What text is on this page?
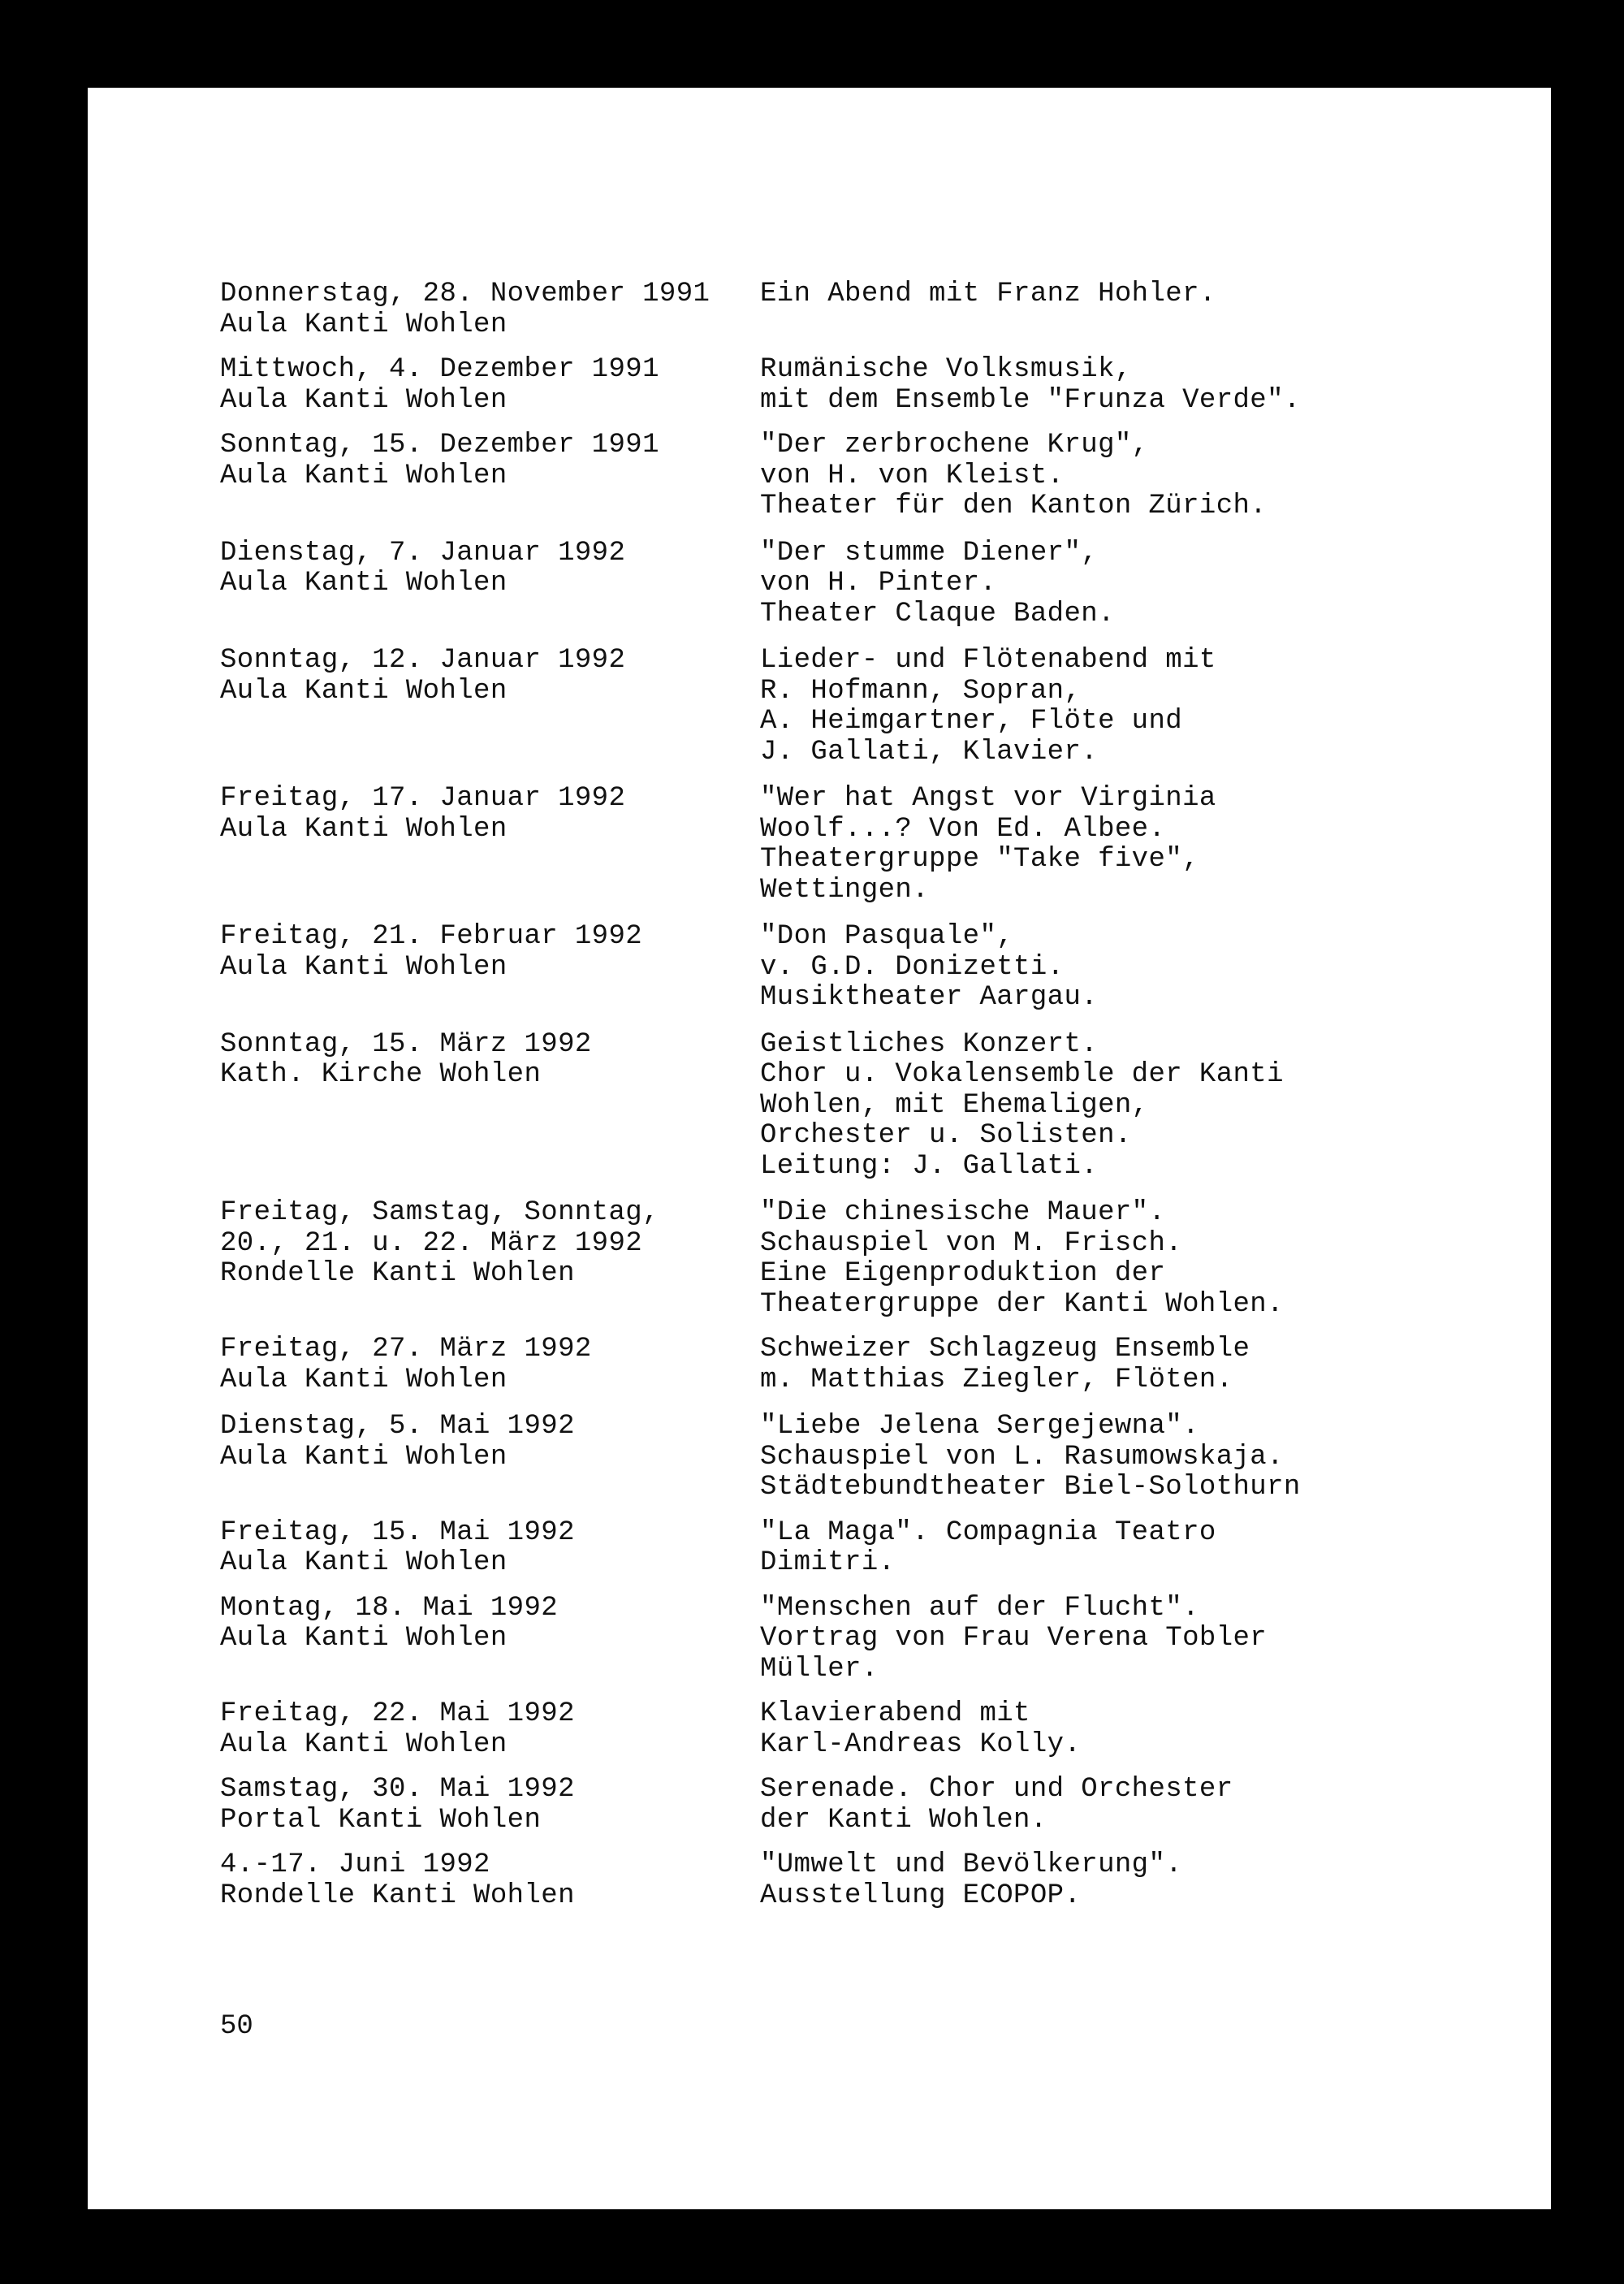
Donnerstag, 28. November 1991
Aula Kanti Wohlen
Ein Abend mit Franz Hohler.
Mittwoch, 4. Dezember 1991
Aula Kanti Wohlen
Rumänische Volksmusik,
mit dem Ensemble "Frunza Verde".
Sonntag, 15. Dezember 1991
Aula Kanti Wohlen
"Der zerbrochene Krug",
von H. von Kleist.
Theater für den Kanton Zürich.
Dienstag, 7. Januar 1992
Aula Kanti Wohlen
"Der stumme Diener",
von H. Pinter.
Theater Claque Baden.
Sonntag, 12. Januar 1992
Aula Kanti Wohlen
Lieder- und Flötenabend mit
R. Hofmann, Sopran,
A. Heimgartner, Flöte und
J. Gallati, Klavier.
Freitag, 17. Januar 1992
Aula Kanti Wohlen
"Wer hat Angst vor Virginia
Woolf...? Von Ed. Albee.
Theatergruppe "Take five",
Wettingen.
Freitag, 21. Februar 1992
Aula Kanti Wohlen
"Don Pasquale",
v. G.D. Donizetti.
Musiktheater Aargau.
Sonntag, 15. März 1992
Kath. Kirche Wohlen
Geistliches Konzert.
Chor u. Vokalensemble der Kanti
Wohlen, mit Ehemaligen,
Orchester u. Solisten.
Leitung: J. Gallati.
Freitag, Samstag, Sonntag,
20., 21. u. 22. März 1992
Rondelle Kanti Wohlen
"Die chinesische Mauer".
Schauspiel von M. Frisch.
Eine Eigenproduktion der
Theatergruppe der Kanti Wohlen.
Freitag, 27. März 1992
Aula Kanti Wohlen
Schweizer Schlagzeug Ensemble
m. Matthias Ziegler, Flöten.
Dienstag, 5. Mai 1992
Aula Kanti Wohlen
"Liebe Jelena Sergejewna".
Schauspiel von L. Rasumowskaja.
Städtebundtheater Biel-Solothurn
Freitag, 15. Mai 1992
Aula Kanti Wohlen
"La Maga". Compagnia Teatro
Dimitri.
Montag, 18. Mai 1992
Aula Kanti Wohlen
"Menschen auf der Flucht".
Vortrag von Frau Verena Tobler
Müller.
Freitag, 22. Mai 1992
Aula Kanti Wohlen
Klavierabend mit
Karl-Andreas Kolly.
Samstag, 30. Mai 1992
Portal Kanti Wohlen
Serenade. Chor und Orchester
der Kanti Wohlen.
4.-17. Juni 1992
Rondelle Kanti Wohlen
"Umwelt und Bevölkerung".
Ausstellung ECOPOP.
50
